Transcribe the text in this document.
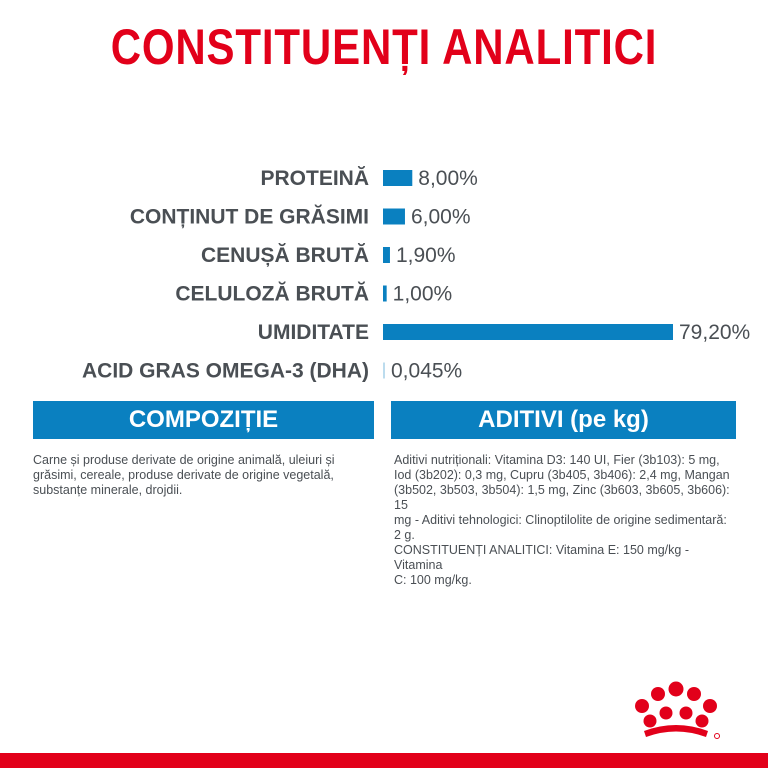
CONSTITUENȚI ANALITICI
PROTEINĂ 8,00%
CONȚINUT DE GRĂSIMI 6,00%
CENUȘĂ BRUTĂ 1,90%
CELULOZĂ BRUTĂ 1,00%
UMIDITATE	79,20%
ACID GRAS OMEGA-3 (DHA) 0,045%
COMPOZIȚIE	ADITIVI (pe kg)
Carne și produse derivate de origine animală, uleiuri și
grăsimi, cereale, produse derivate de origine vegetală,
substanțe minerale, drojdii.
Aditivi nutriționali: Vitamina D3: 140 UI, Fier (3b103): 5 mg,
Iod (3b202): 0,3 mg, Cupru (3b405, 3b406): 2,4 mg, Mangan
(3b502, 3b503, 3b504): 1,5 mg, Zinc (3b603, 3b605, 3b606): 15
mg - Aditivi tehnologici: Clinoptilolite de origine sedimentară:
2 g.
CONSTITUENȚI ANALITICI: Vitamina E: 150 mg/kg - Vitamina
C: 100 mg/kg.
